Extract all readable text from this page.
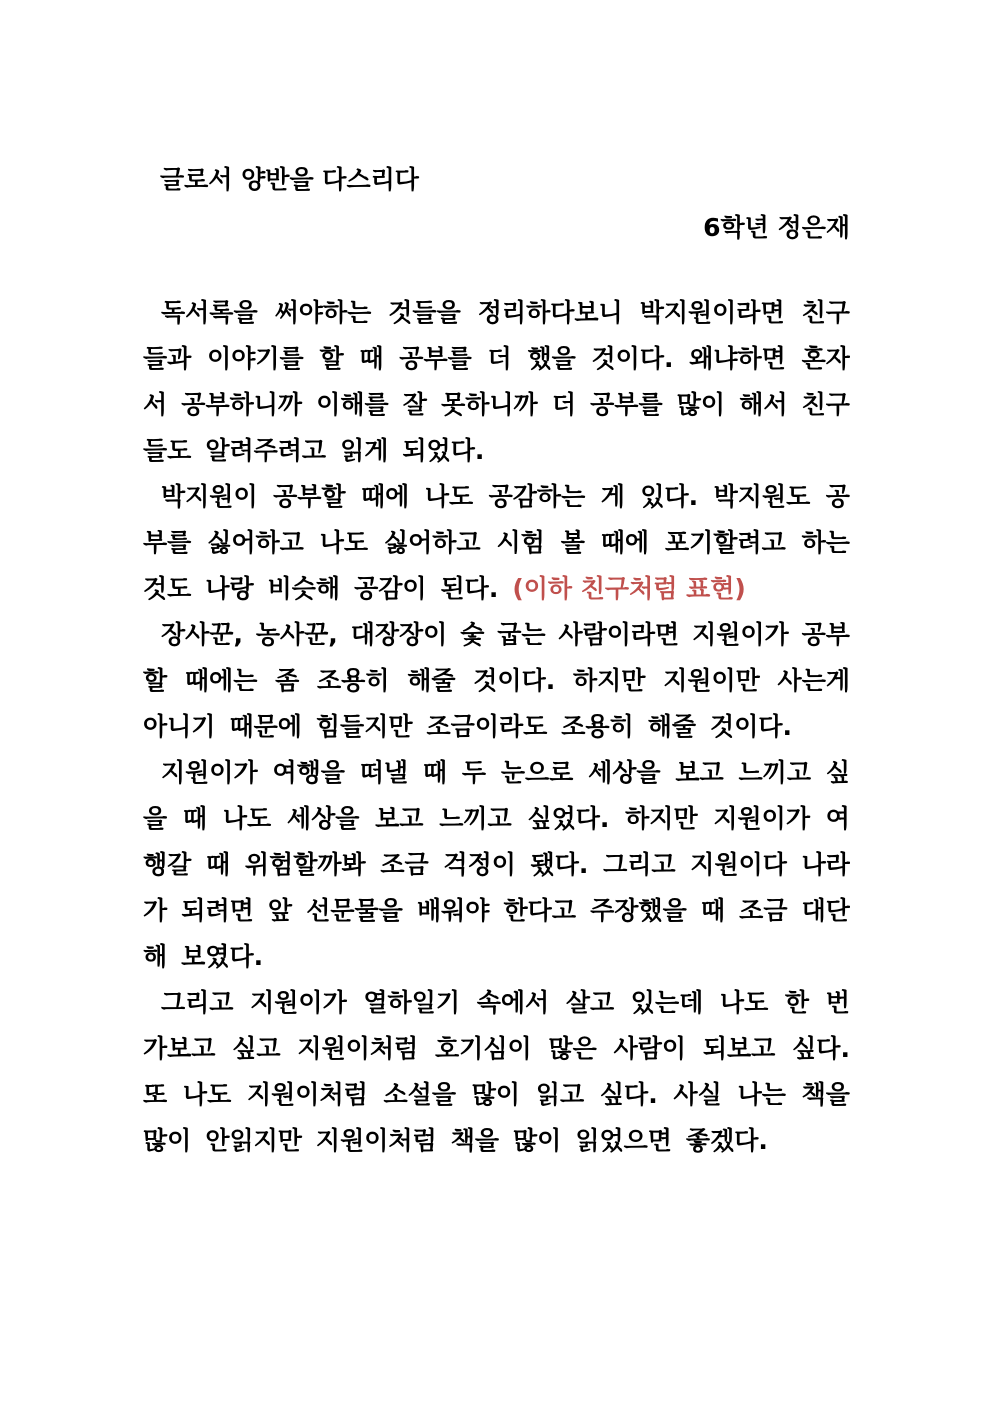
글로서 양반을 다스리다
6학년 정은재
독서록을 써야하는 것들을 정리하다보니 박지원이라면 친구
들과 이야기를 할 때 공부를 더 했을 것이다. 왜냐하면 혼자
서 공부하니까 이해를 잘 못하니까 더 공부를 많이 해서 친구
들도 알려주려고 읽게 되었다.
박지원이 공부할 때에 나도 공감하는 게 있다. 박지원도 공
부를 싫어하고 나도 싫어하고 시험 볼 때에 포기할려고 하는
것도 나랑 비슷해 공감이 된다. (이하 친구처럼 표현)
장사꾼, 농사꾼, 대장장이 숯 굽는 사람이라면 지원이가 공부
할 때에는 좀 조용히 해줄 것이다. 하지만 지원이만 사는게
아니기 때문에 힘들지만 조금이라도 조용히 해줄 것이다.
지원이가 여행을 떠낼 때 두 눈으로 세상을 보고 느끼고 싶
을 때 나도 세상을 보고 느끼고 싶었다. 하지만 지원이가 여
행갈 때 위험할까봐 조금 걱정이 됐다. 그리고 지원이다 나라
가 되려면 앞 선문물을 배워야 한다고 주장했을 때 조금 대단
해 보였다.
그리고 지원이가 열하일기 속에서 살고 있는데 나도 한 번
가보고 싶고 지원이처럼 호기심이 많은 사람이 되보고 싶다.
또 나도 지원이처럼 소설을 많이 읽고 싶다. 사실 나는 책을
많이 안읽지만 지원이처럼 책을 많이 읽었으면 좋겠다.
